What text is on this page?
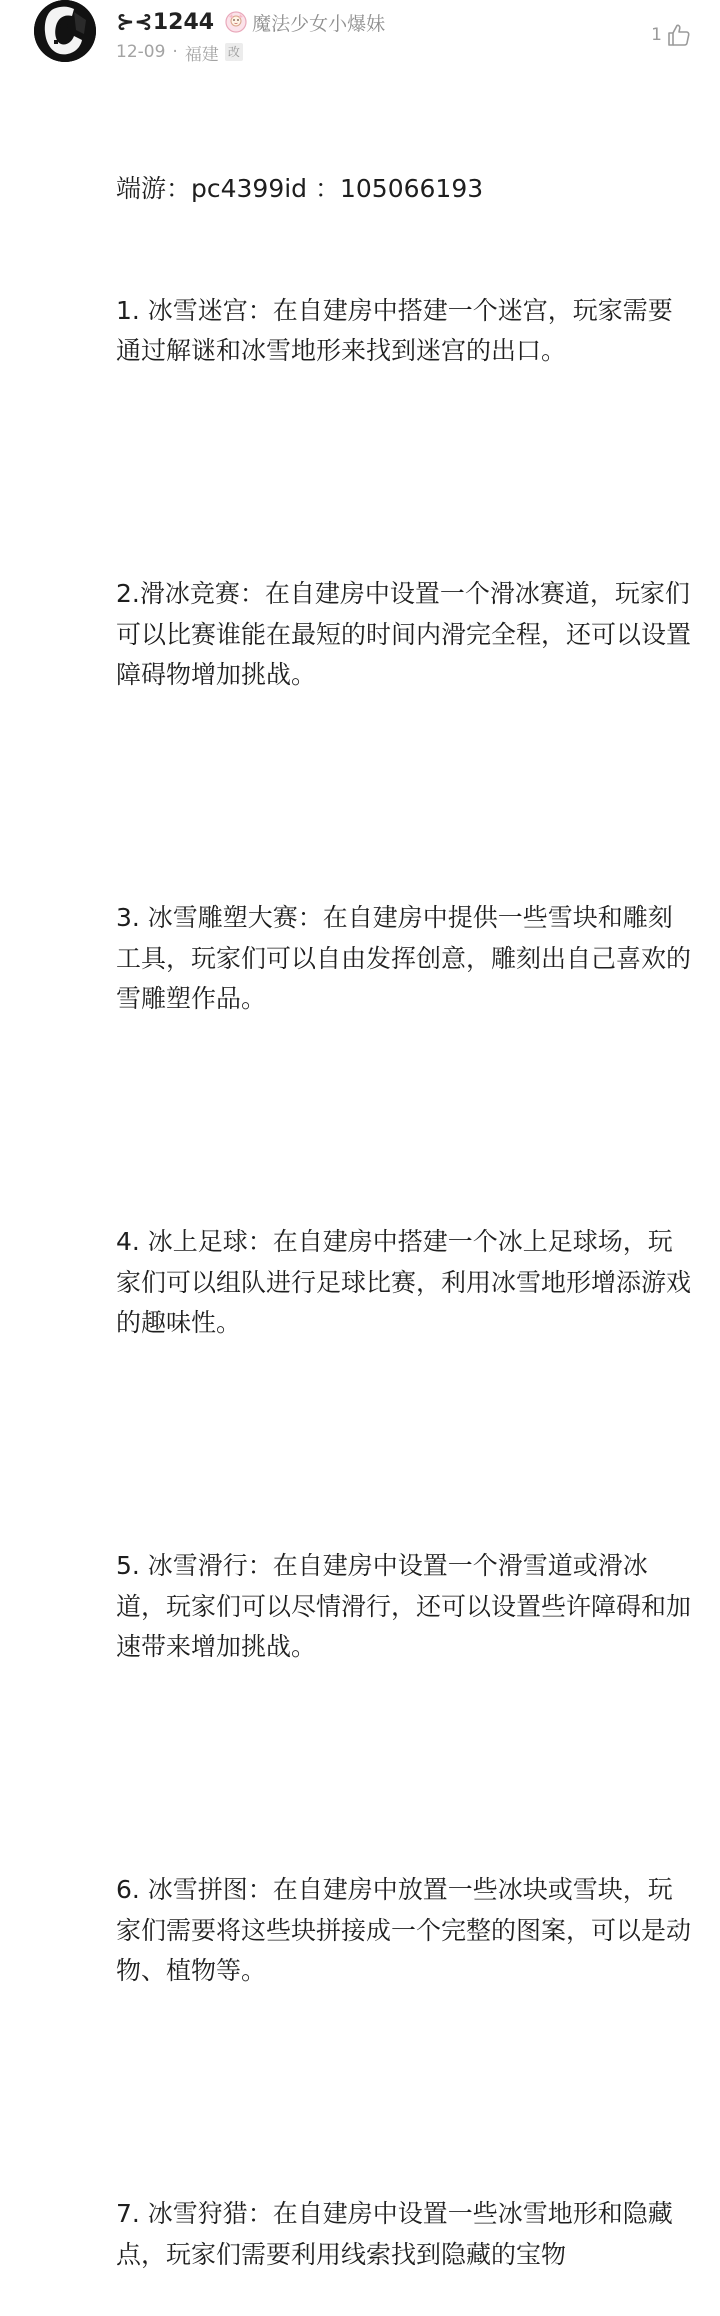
⊱⊰1244 魔法少女小爆妹
12-09 · 福建 改
1

端游：pc4399id ：105066193

1. 冰雪迷宫：在自建房中搭建一个迷宫，玩家需要通过解谜和冰雪地形来找到迷宫的出口。

2.滑冰竞赛：在自建房中设置一个滑冰赛道，玩家们可以比赛谁能在最短的时间内滑完全程，还可以设置障碍物增加挑战。

3. 冰雪雕塑大赛：在自建房中提供一些雪块和雕刻工具，玩家们可以自由发挥创意，雕刻出自己喜欢的雪雕塑作品。

4. 冰上足球：在自建房中搭建一个冰上足球场，玩家们可以组队进行足球比赛，利用冰雪地形增添游戏的趣味性。

5. 冰雪滑行：在自建房中设置一个滑雪道或滑冰道，玩家们可以尽情滑行，还可以设置些许障碍和加速带来增加挑战。

6. 冰雪拼图：在自建房中放置一些冰块或雪块，玩家们需要将这些块拼接成一个完整的图案，可以是动物、植物等。

7. 冰雪狩猎：在自建房中设置一些冰雪地形和隐藏点，玩家们需要利用线索找到隐藏的宝物
